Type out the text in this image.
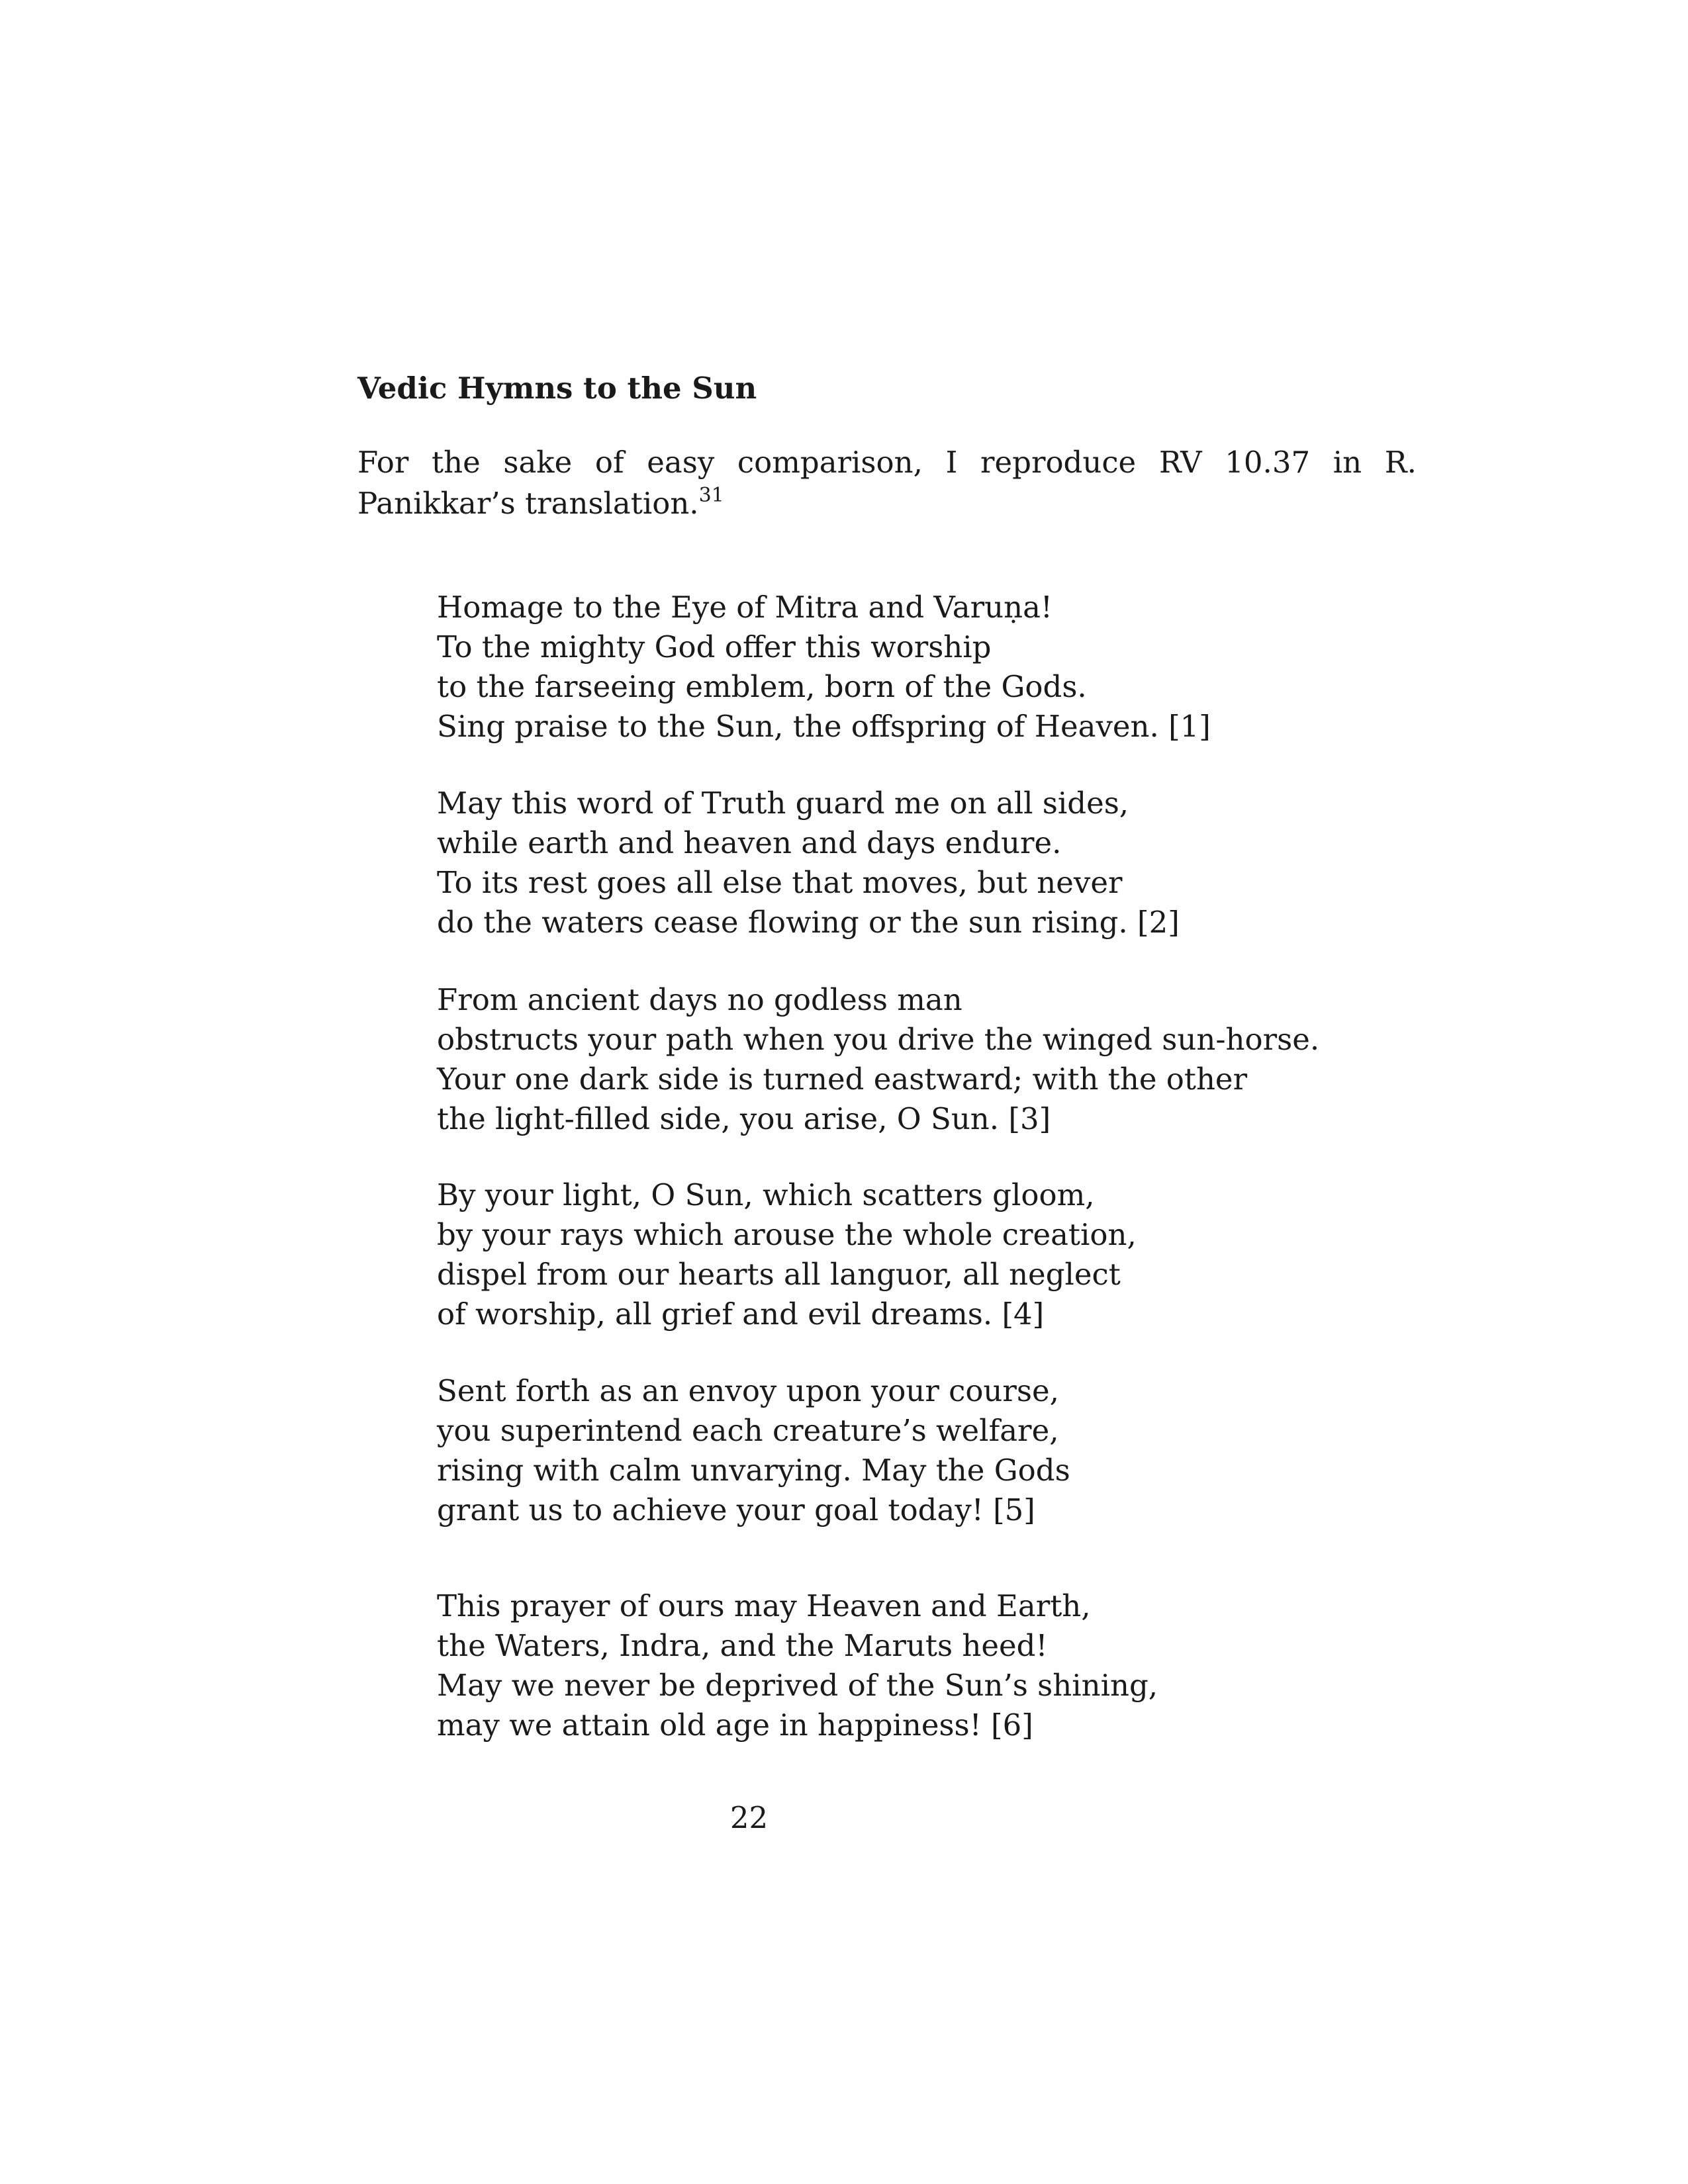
Vedic Hymns to the Sun

For the sake of easy comparison, I reproduce RV 10.37 in R. Panikkar’s translation.$^{31}$

Homage to the Eye of Mitra and Varuṇa!
To the mighty God offer this worship
to the farseeing emblem, born of the Gods.
Sing praise to the Sun, the offspring of Heaven. [1]
May this word of Truth guard me on all sides,
while earth and heaven and days endure.
To its rest goes all else that moves, but never
do the waters cease flowing or the sun rising. [2]
From ancient days no godless man
obstructs your path when you drive the winged sun-horse.
Your one dark side is turned eastward; with the other
the light-filled side, you arise, O Sun. [3]
By your light, O Sun, which scatters gloom,
by your rays which arouse the whole creation,
dispel from our hearts all languor, all neglect
of worship, all grief and evil dreams. [4]
Sent forth as an envoy upon your course,
you superintend each creature’s welfare,
rising with calm unvarying. May the Gods
grant us to achieve your goal today! [5]
This prayer of ours may Heaven and Earth,
the Waters, Indra, and the Maruts heed!
May we never be deprived of the Sun’s shining,
may we attain old age in happiness! [6]

22
